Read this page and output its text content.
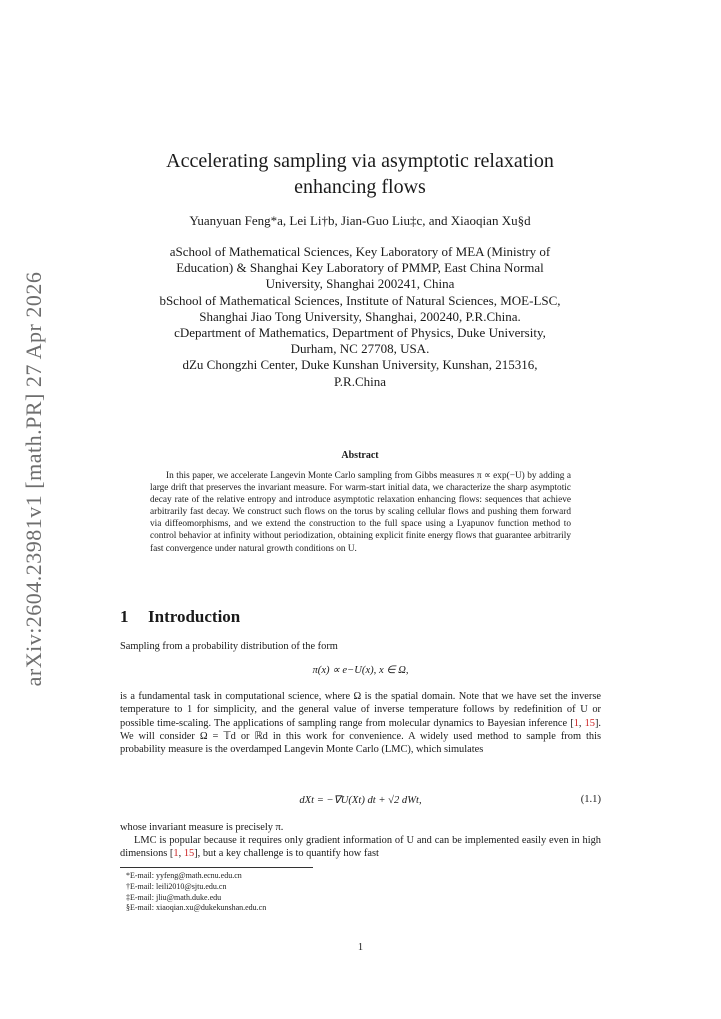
arXiv:2604.23981v1 [math.PR] 27 Apr 2026
Accelerating sampling via asymptotic relaxation
enhancing flows
Yuanyuan Feng*a, Lei Li†b, Jian-Guo Liu‡c, and Xiaoqian Xu§d
aSchool of Mathematical Sciences, Key Laboratory of MEA (Ministry of
Education) & Shanghai Key Laboratory of PMMP, East China Normal
University, Shanghai 200241, China
bSchool of Mathematical Sciences, Institute of Natural Sciences, MOE-LSC,
Shanghai Jiao Tong University, Shanghai, 200240, P.R.China.
cDepartment of Mathematics, Department of Physics, Duke University,
Durham, NC 27708, USA.
dZu Chongzhi Center, Duke Kunshan University, Kunshan, 215316,
P.R.China
Abstract
In this paper, we accelerate Langevin Monte Carlo sampling from Gibbs measures π ∝ exp(−U) by adding a large drift that preserves the invariant measure. For warm-start initial data, we characterize the sharp asymptotic decay rate of the relative entropy and introduce asymptotic relaxation enhancing flows: sequences that achieve arbitrarily fast decay. We construct such flows on the torus by scaling cellular flows and pushing them forward via diffeomorphisms, and we extend the construction to the full space using a Lyapunov function method to control behavior at infinity without periodization, obtaining explicit finite energy flows that guarantee arbitrarily fast convergence under natural growth conditions on U.
1 Introduction
Sampling from a probability distribution of the form
π(x) ∝ e−U(x), x ∈ Ω,
is a fundamental task in computational science, where Ω is the spatial domain. Note that we have set the inverse temperature to 1 for simplicity, and the general value of inverse temperature follows by redefinition of U or possible time-scaling. The applications of sampling range from molecular dynamics to Bayesian inference [1, 15]. We will consider Ω = 𝕋d or ℝd in this work for convenience. A widely used method to sample from this probability measure is the overdamped Langevin Monte Carlo (LMC), which simulates
dXt = −∇U(Xt) dt + √2 dWt,	(1.1)
whose invariant measure is precisely π.
LMC is popular because it requires only gradient information of U and can be implemented easily even in high dimensions [1, 15], but a key challenge is to quantify how fast
*E-mail: yyfeng@math.ecnu.edu.cn
†E-mail: leili2010@sjtu.edu.cn
‡E-mail: jliu@math.duke.edu
§E-mail: xiaoqian.xu@dukekunshan.edu.cn
1
